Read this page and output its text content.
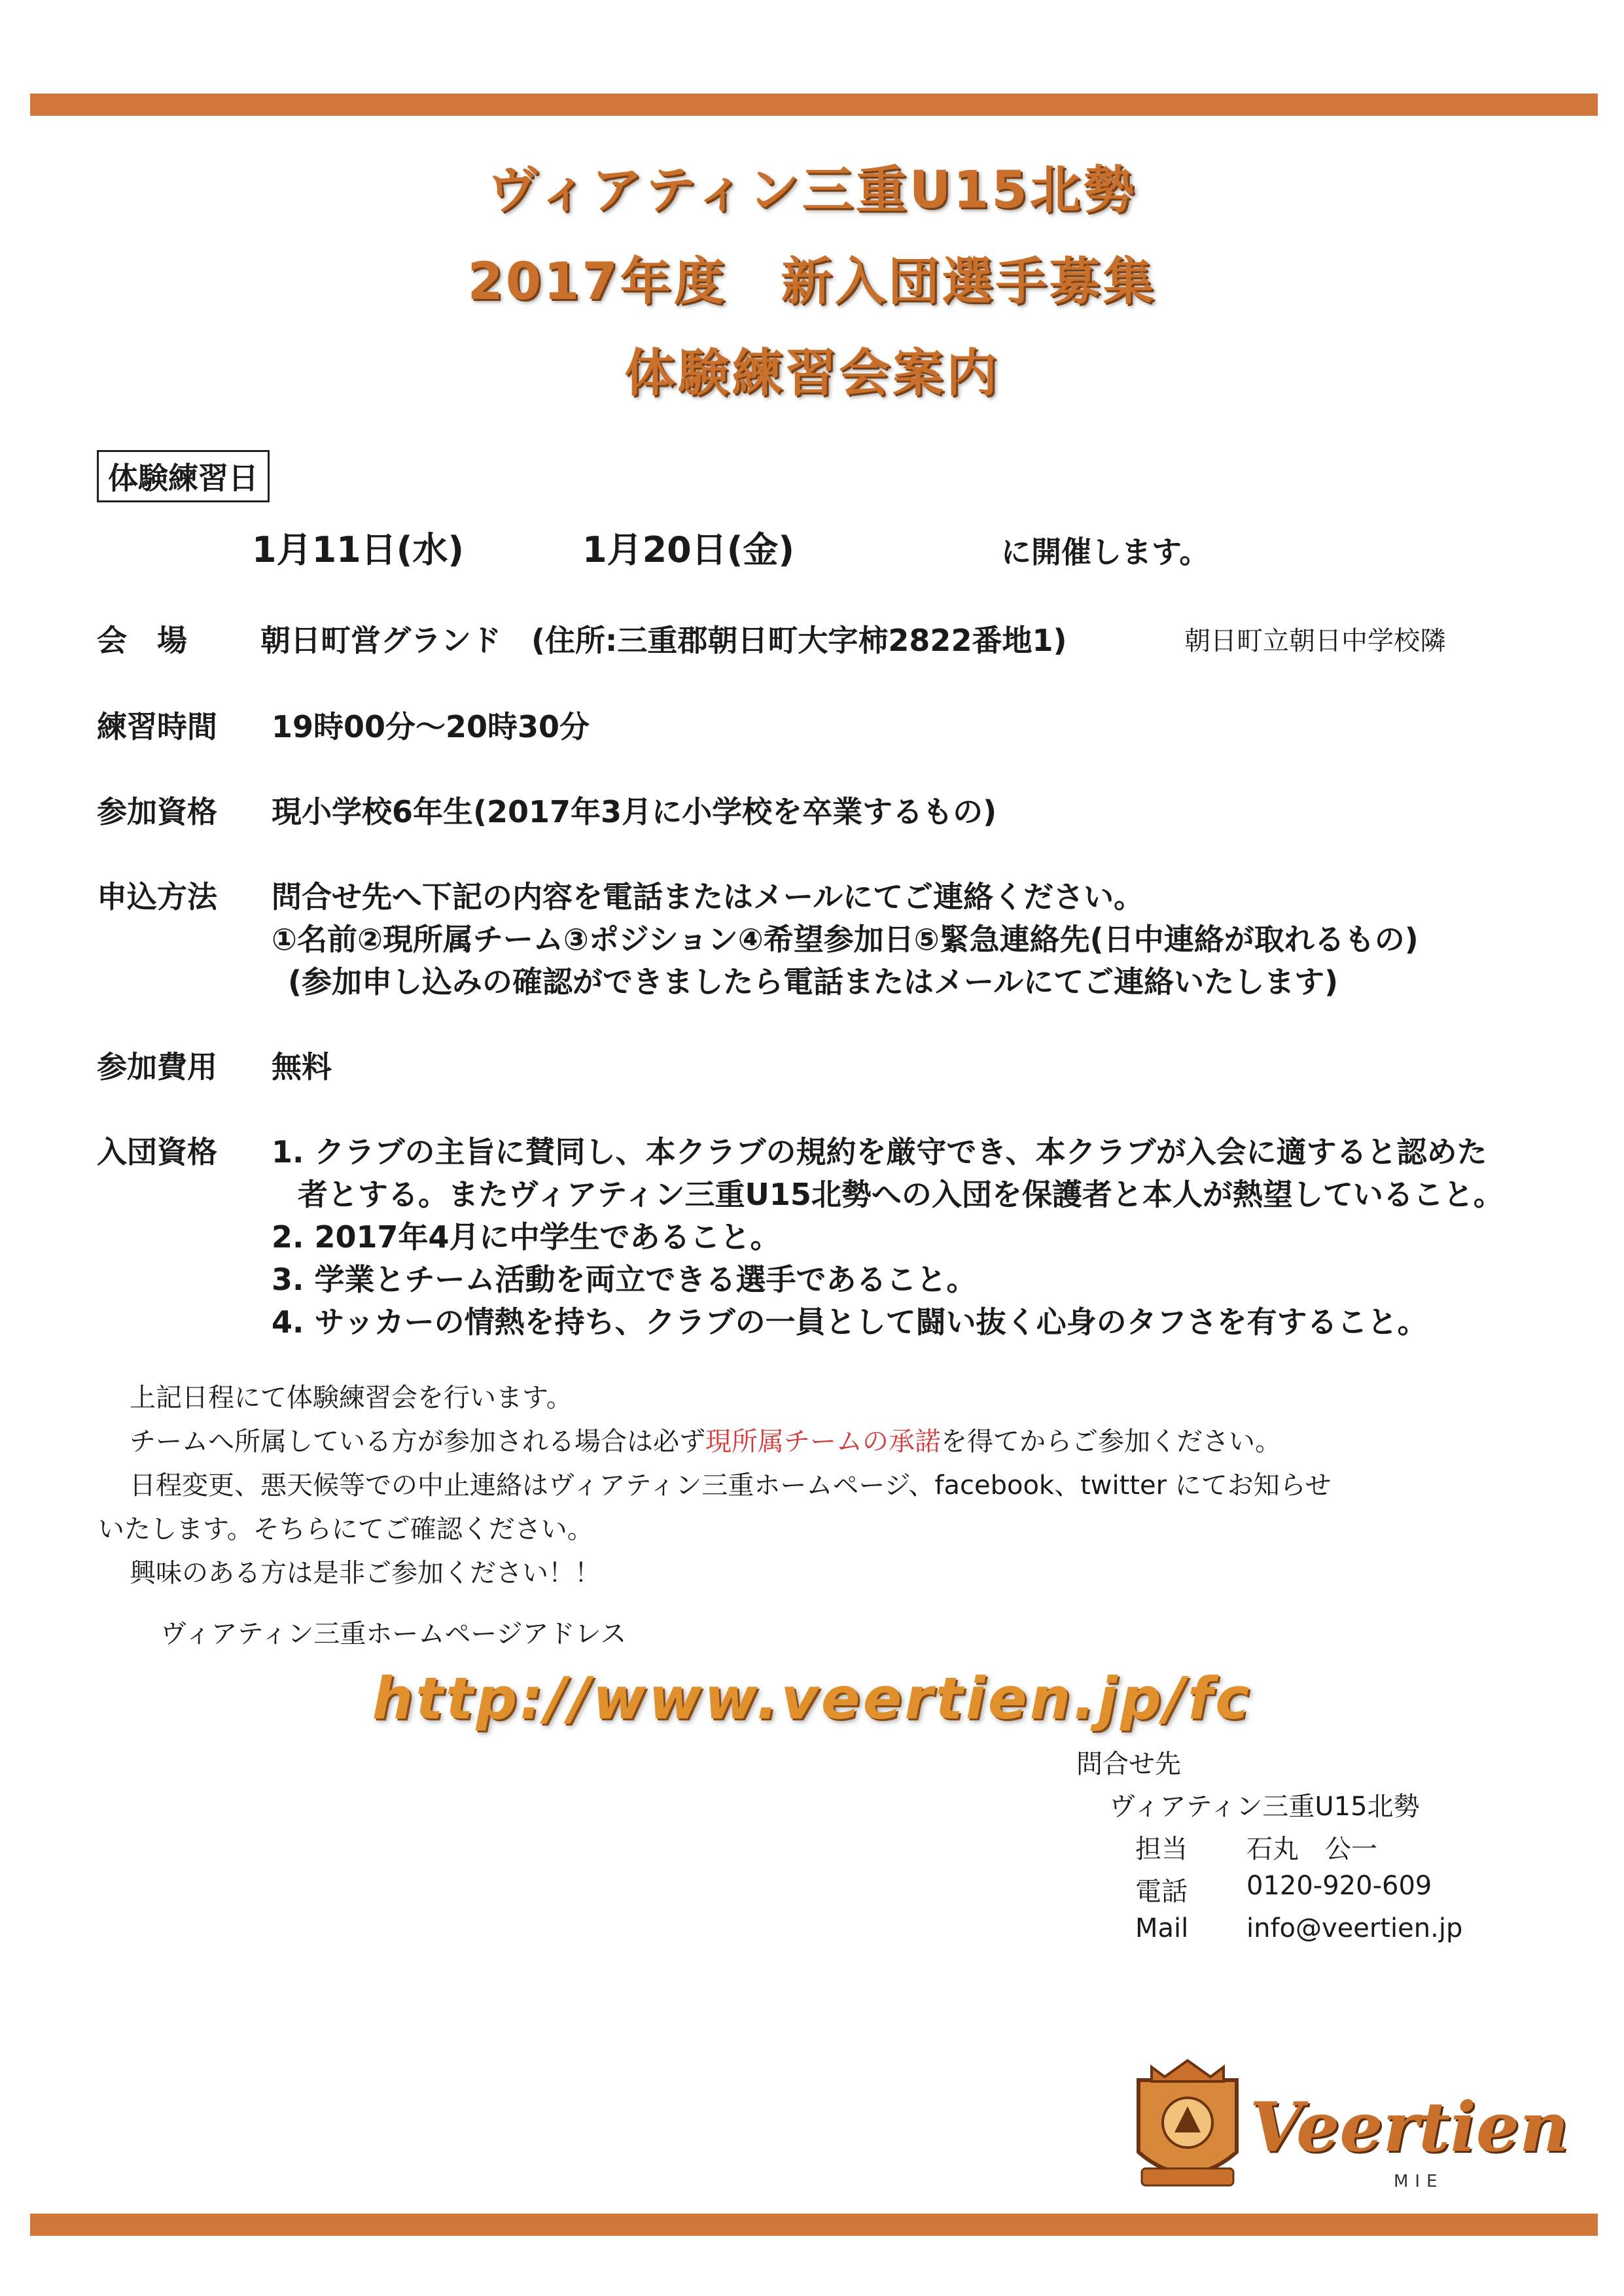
ヴィアティン三重U15北勢
2017年度　新入団選手募集
体験練習会案内
体験練習日
1月11日(水)	1月20日(金)	に開催します。
会　場 朝日町営グランド　(住所:三重郡朝日町大字柿2822番地1)	朝日町立朝日中学校隣
練習時間 19時00分～20時30分
参加資格 現小学校6年生(2017年3月に小学校を卒業するもの)
申込方法 問合せ先へ下記の内容を電話またはメールにてご連絡ください。
①名前②現所属チーム③ポジション④希望参加日⑤緊急連絡先(日中連絡が取れるもの)
(参加申し込みの確認ができましたら電話またはメールにてご連絡いたします)
参加費用 無料
入団資格 1. クラブの主旨に賛同し、本クラブの規約を厳守でき、本クラブが入会に適すると認めた
者とする。またヴィアティン三重U15北勢への入団を保護者と本人が熱望していること。
2. 2017年4月に中学生であること。
3. 学業とチーム活動を両立できる選手であること。
4. サッカーの情熱を持ち、クラブの一員として闘い抜く心身のタフさを有すること。
上記日程にて体験練習会を行います。
チームへ所属している方が参加される場合は必ず現所属チームの承諾を得てからご参加ください。
日程変更、悪天候等での中止連絡はヴィアティン三重ホームページ、facebook、twitter にてお知らせ
いたします。そちらにてご確認ください。
興味のある方は是非ご参加ください！！
ヴィアティン三重ホームページアドレス
http://www.veertien.jp/fc
問合せ先
ヴィアティン三重U15北勢
担当 石丸　公一
電話 0120-920-609
Mail info@veertien.jp
Veertien
MIE
